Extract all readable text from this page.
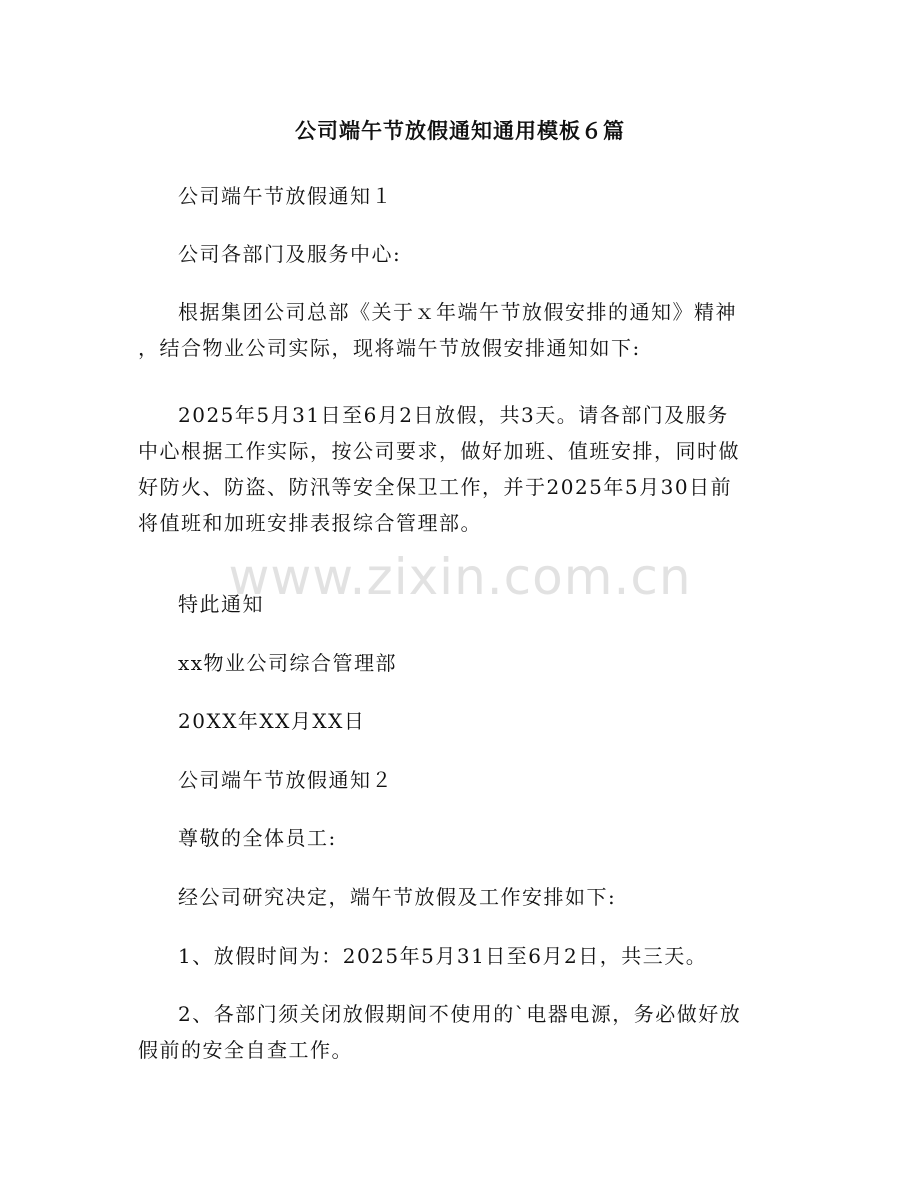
公司端午节放假通知通用模板６篇
公司端午节放假通知１
公司各部门及服务中心:
根据集团公司总部《关于ｘ年端午节放假安排的通知》精神
，结合物业公司实际，现将端午节放假安排通知如下:
2025年5月31日至6月2日放假，共3天。请各部门及服务
中心根据工作实际，按公司要求，做好加班、值班安排，同时做
好防火、防盗、防汛等安全保卫工作，并于2025年5月30日前
将值班和加班安排表报综合管理部。
特此通知
xx物业公司综合管理部
20XX年XX月XX日
公司端午节放假通知２
尊敬的全体员工:
经公司研究决定，端午节放假及工作安排如下:
1、放假时间为：2025年5月31日至6月2日，共三天。
2、各部门须关闭放假期间不使用的`电器电源，务必做好放
假前的安全自查工作。
www.zixin.com.cn
